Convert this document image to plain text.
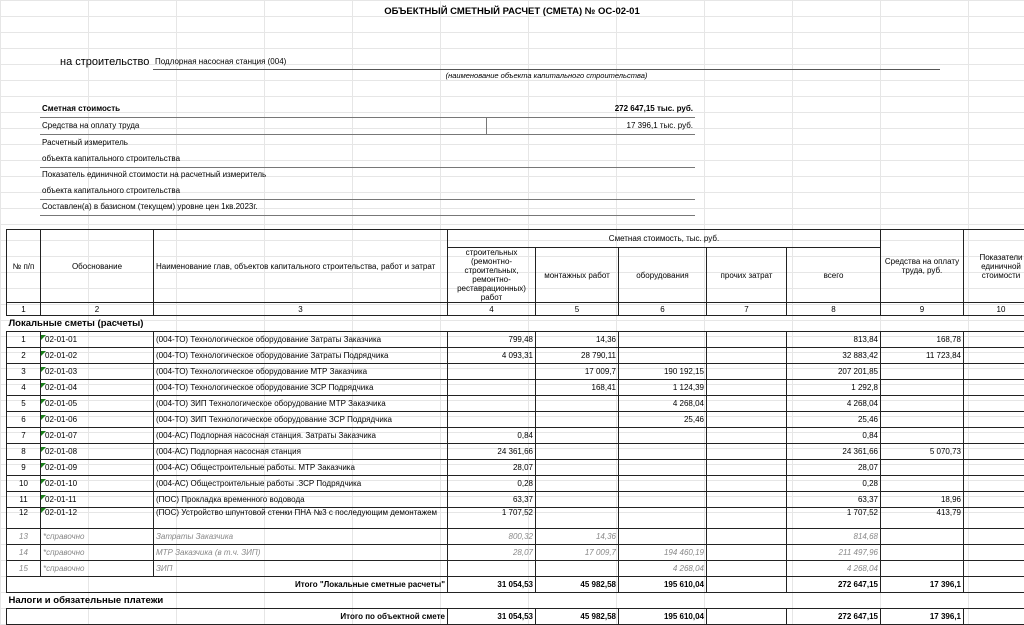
ОБЪЕКТНЫЙ СМЕТНЫЙ РАСЧЕТ (СМЕТА) № ОС-02-01
на строительство Подлорная насосная станция (004)
(наименование объекта капитального строительства)
Сметная стоимость	272 647,15 тыс. руб.
Средства на оплату труда	17 396,1 тыс. руб.
Расчетный измеритель
объекта капитального строительства
Показатель единичной стоимости на расчетный измеритель
объекта капитального строительства
Составлен(а) в базисном (текущем) уровне цен 1кв.2023г.
№ п/п	Обоснование	Наименование глав, объектов капитального строительства, работ и затрат	Сметная стоимость, тыс. руб.					Средства на оплату труда, руб.	Показатели единичной стоимости
			строительных (ремонтно-строительных, ремонтно- реставрационных) работ	монтажных работ	оборудования	прочих затрат	всего		
1	2	3	4	5	6	7	8	9	10
Локальные сметы (расчеты)									
1	02-01-01	(004-ТО) Технологическое оборудование Затраты Заказчика	799,48	14,36			813,84	168,78	
2	02-01-02	(004-ТО) Технологическое оборудование Затраты Подрядчика	4 093,31	28 790,11			32 883,42	11 723,84	
3	02-01-03	(004-ТО) Технологическое оборудование МТР Заказчика		17 009,7	190 192,15		207 201,85		
4	02-01-04	(004-ТО) Технологическое оборудование ЗСР Подрядчика		168,41	1 124,39		1 292,8		
5	02-01-05	(004-ТО) ЗИП Технологическое оборудование МТР Заказчика			4 268,04		4 268,04		
6	02-01-06	(004-ТО) ЗИП Технологическое оборудование ЗСР Подрядчика			25,46		25,46		
7	02-01-07	(004-АС) Подлорная насосная станция. Затраты Заказчика	0,84				0,84		
8	02-01-08	(004-АС) Подлорная насосная станция	24 361,66				24 361,66	5 070,73	
9	02-01-09	(004-АС) Общестроительные работы. МТР Заказчика	28,07				28,07		
10	02-01-10	(004-АС) Общестроительные работы .ЗСР Подрядчика	0,28				0,28		
11	02-01-11	(ПОС) Прокладка временного водовода	63,37				63,37	18,96	
12	02-01-12	(ПОС) Устройство шпунтовой стенки ПНА №3 с последующим демонтажем	1 707,52				1 707,52	413,79	
13	*справочно	Затраты Заказчика	800,32	14,36			814,68		
14	*справочно	МТР Заказчика (в т.ч. ЗИП)	28,07	17 009,7	194 460,19		211 497,96		
15	*справочно	ЗИП			4 268,04		4 268,04		
Итого "Локальные сметные расчеты"			31 054,53	45 982,58	195 610,04		272 647,15	17 396,1	
Налоги и обязательные платежи									
Итого по объектной смете			31 054,53	45 982,58	195 610,04		272 647,15	17 396,1	
